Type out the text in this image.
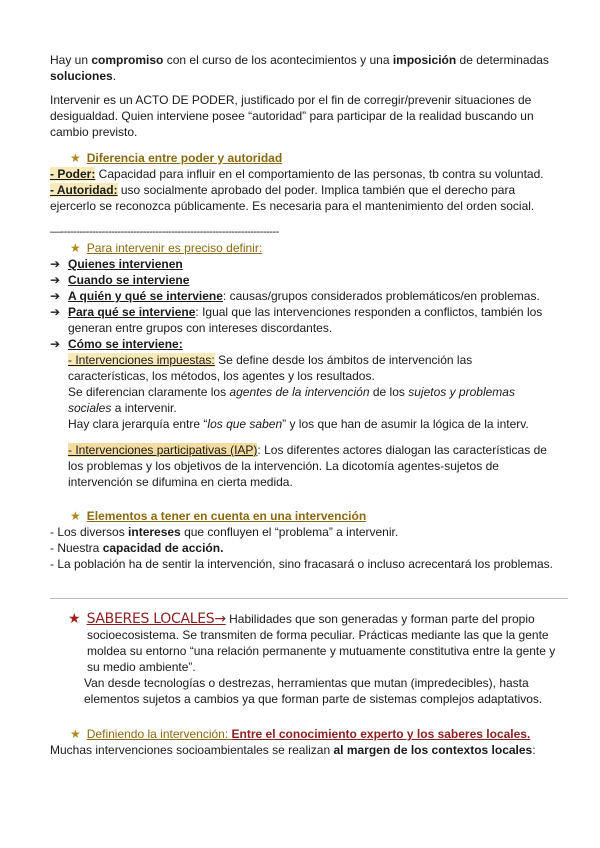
Hay un compromiso con el curso de los acontecimientos y una imposición de determinadas soluciones.

Intervenir es un ACTO DE PODER, justificado por el fin de corregir/prevenir situaciones de desigualdad. Quien interviene posee “autoridad” para participar de la realidad buscando un cambio previsto.

★ Diferencia entre poder y autoridad

- Poder: Capacidad para influir en el comportamiento de las personas, tb contra su voluntad.

- Autoridad: uso socialmente aprobado del poder. Implica también que el derecho para ejercerlo se reconozca públicamente. Es necesaria para el mantenimiento del orden social.

—---------------------------------------------------------------------

★ Para intervenir es preciso definir:

➔ Quienes intervienen
➔ Cuando se interviene
➔ A quién y qué se interviene: causas/grupos considerados problemáticos/en problemas.
➔ Para qué se interviene: Igual que las intervenciones responden a conflictos, también los generan entre grupos con intereses discordantes.
➔ Cómo se interviene:
- Intervenciones impuestas: Se define desde los ámbitos de intervención las características, los métodos, los agentes y los resultados.
Se diferencian claramente los agentes de la intervención de los sujetos y problemas sociales a intervenir.
Hay clara jerarquía entre “los que saben” y los que han de asumir la lógica de la interv.

- Intervenciones participativas (IAP): Los diferentes actores dialogan las características de los problemas y los objetivos de la intervención. La dicotomía agentes-sujetos de intervención se difumina en cierta medida.

★ Elementos a tener en cuenta en una intervención

- Los diversos intereses que confluyen el “problema” a intervenir.
- Nuestra capacidad de acción.
- La población ha de sentir la intervención, sino fracasará o incluso acrecentará los problemas.
★ SABERES LOCALES→ Habilidades que son generadas y forman parte del propio socioecosistema. Se transmiten de forma peculiar. Prácticas mediante las que la gente moldea su entorno “una relación permanente y mutuamente constitutiva entre la gente y su medio ambiente”.
Van desde tecnologías o destrezas, herramientas que mutan (impredecibles), hasta elementos sujetos a cambios ya que forman parte de sistemas complejos adaptativos.

★ Definiendo la intervención: Entre el conocimiento experto y los saberes locales.

Muchas intervenciones socioambientales se realizan al margen de los contextos locales:
